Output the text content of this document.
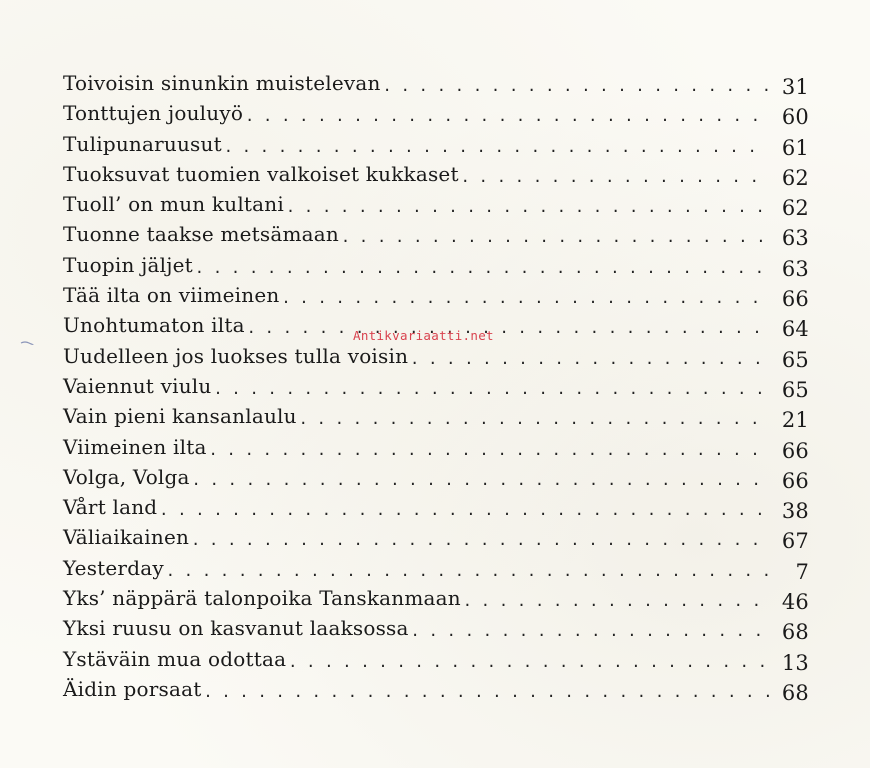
Toivoisin sinunkin muistelevan . . .	31
Tonttujen jouluyö . . .	60
Tulipunaruusut . . .	61
Tuoksuvat tuomien valkoiset kukkaset . . .	62
Tuoll’ on mun kultani . . .	62
Tuonne taakse metsämaan . . .	63
Tuopin jäljet . . .	63
Tää ilta on viimeinen . . .	66
Unohtumaton ilta . . .	64
Uudelleen jos luokses tulla voisin . . .	65
Vaiennut viulu . . .	65
Vain pieni kansanlaulu . . .	21
Viimeinen ilta . . .	66
Volga, Volga . . .	66
Vårt land . . .	38
Väliaikainen . . .	67
Yesterday . . .	7
Yks’ näppärä talonpoika Tanskanmaan . . .	46
Yksi ruusu on kasvanut laaksossa . . .	68
Ystäväin mua odottaa . . .	13
Äidin porsaat . . .	68
Antikvariaatti.net
